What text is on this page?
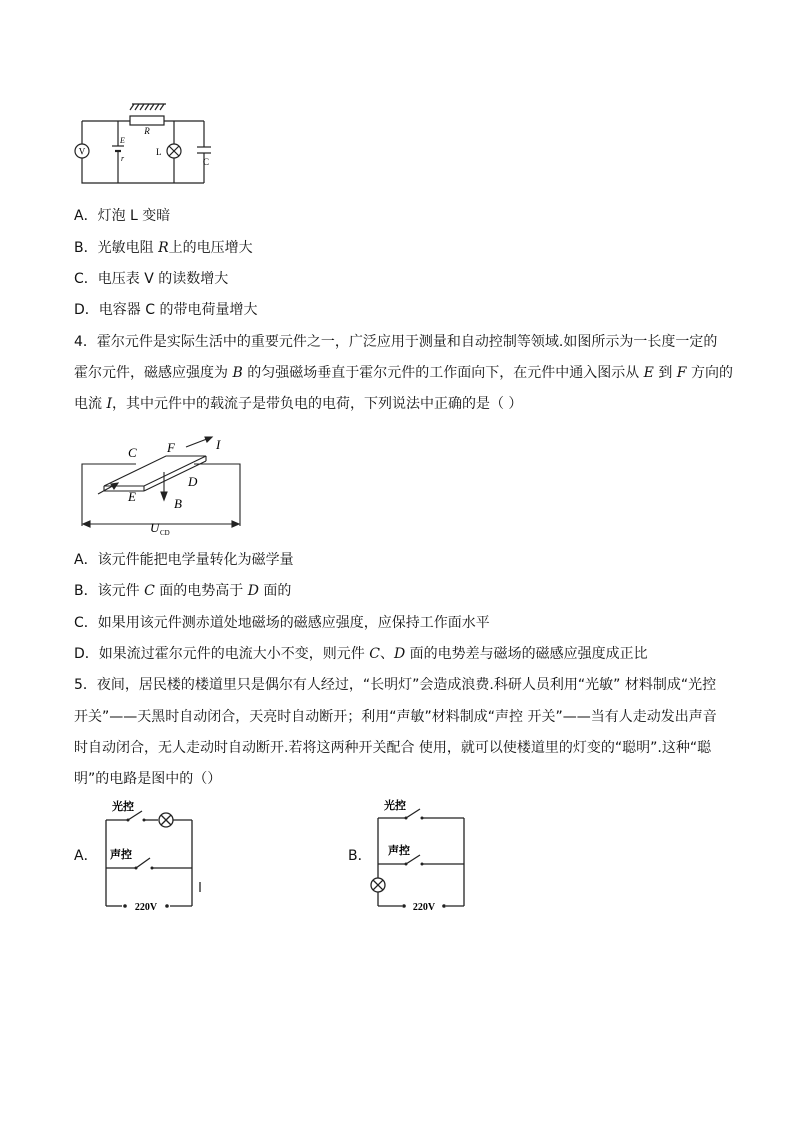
V
R
E
r
L
C
A．灯泡 L 变暗
B．光敏电阻 R上的电压增大
C．电压表 V 的读数增大
D．电容器 C 的带电荷量增大
4．霍尔元件是实际生活中的重要元件之一，广泛应用于测量和自动控制等领域.如图所示为一长度一定的
霍尔元件，磁感应强度为 B 的匀强磁场垂直于霍尔元件的工作面向下，在元件中通入图示从 E 到 F 方向的
电流 I，其中元件中的载流子是带负电的电荷，下列说法中正确的是（ ）
C F	I
D
E	B
U CD
A．该元件能把电学量转化为磁学量
B．该元件 C 面的电势高于 D 面的
C．如果用该元件测赤道处地磁场的磁感应强度，应保持工作面水平
D．如果流过霍尔元件的电流大小不变，则元件 C、D 面的电势差与磁场的磁感应强度成正比
5．夜间，居民楼的楼道里只是偶尔有人经过，“长明灯”会造成浪费.科研人员利用“光敏” 材料制成“光控
开关”——天黑时自动闭合，天亮时自动断开；利用“声敏”材料制成“声控 开关”——当有人走动发出声音
时自动闭合，无人走动时自动断开.若将这两种开关配合 使用，就可以使楼道里的灯变的“聪明”.这种“聪
明”的电路是图中的（）
A．
光控
声控
220V
B．
光控
声控
220V
